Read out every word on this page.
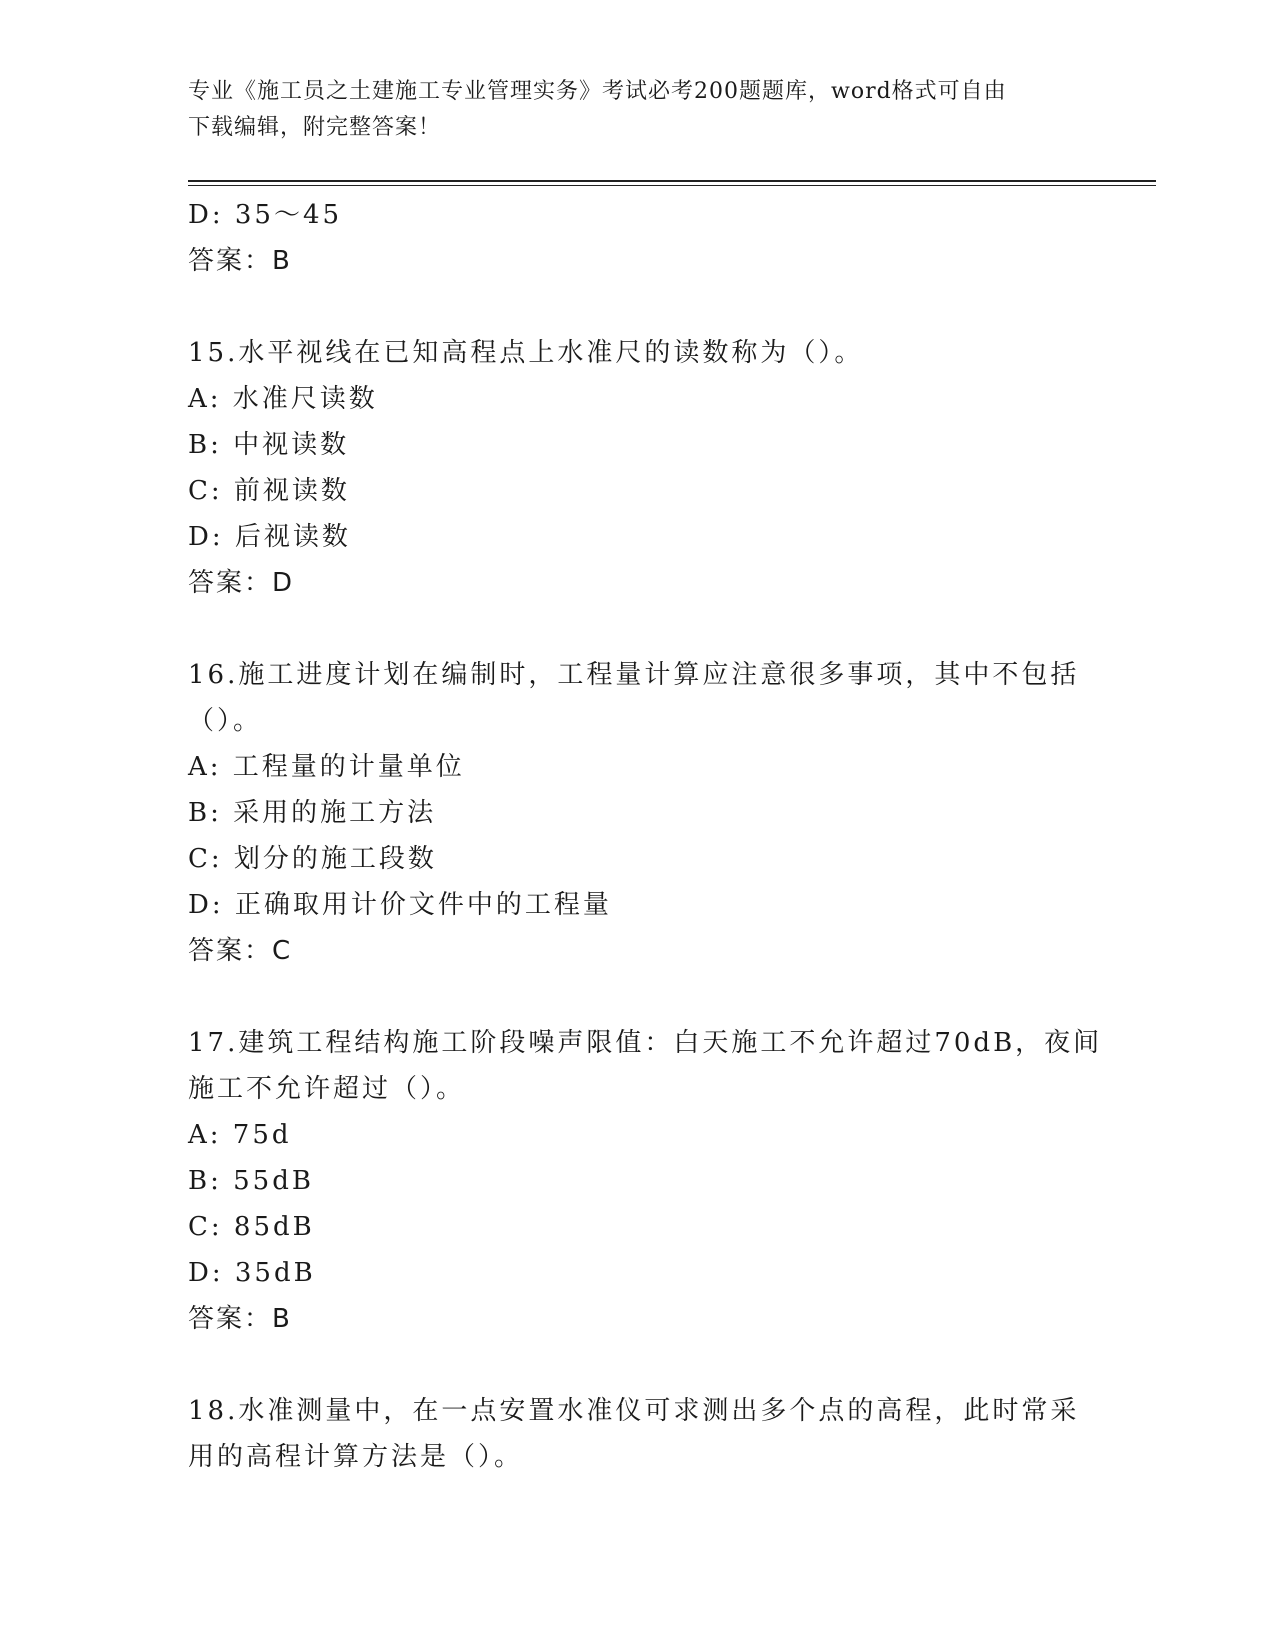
专业《施工员之土建施工专业管理实务》考试必考200题题库，word格式可自由
下载编辑，附完整答案！
D: 35～45
答案：B
15.水平视线在已知高程点上水准尺的读数称为（）。
A: 水准尺读数
B: 中视读数
C: 前视读数
D: 后视读数
答案：D
16.施工进度计划在编制时，工程量计算应注意很多事项，其中不包括
（）。
A: 工程量的计量单位
B: 采用的施工方法
C: 划分的施工段数
D: 正确取用计价文件中的工程量
答案：C
17.建筑工程结构施工阶段噪声限值：白天施工不允许超过70dB，夜间
施工不允许超过（）。
A: 75d
B: 55dB
C: 85dB
D: 35dB
答案：B
18.水准测量中，在一点安置水准仪可求测出多个点的高程，此时常采
用的高程计算方法是（）。
